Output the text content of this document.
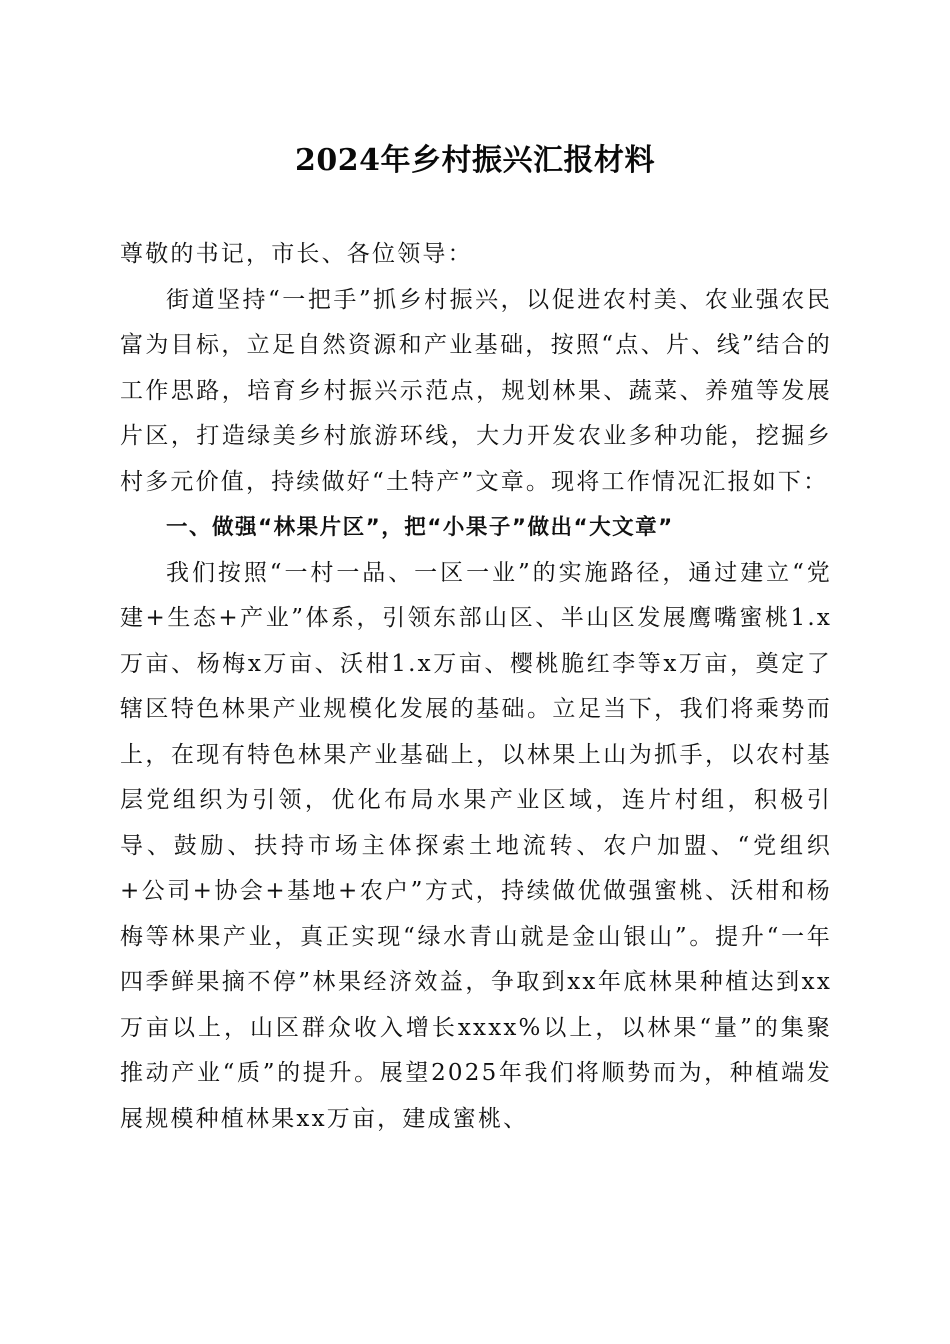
2024年乡村振兴汇报材料

尊敬的书记，市长、各位领导：

街道坚持“一把手”抓乡村振兴，以促进农村美、农业强农民富为目标，立足自然资源和产业基础，按照“点、片、线”结合的工作思路，培育乡村振兴示范点，规划林果、蔬菜、养殖等发展片区，打造绿美乡村旅游环线，大力开发农业多种功能，挖掘乡村多元价值，持续做好“土特产”文章。现将工作情况汇报如下：

一、做强“林果片区”，把“小果子”做出“大文章”

我们按照“一村一品、一区一业”的实施路径，通过建立“党建+生态+产业”体系，引领东部山区、半山区发展鹰嘴蜜桃1.x万亩、杨梅x万亩、沃柑1.x万亩、樱桃脆红李等x万亩，奠定了辖区特色林果产业规模化发展的基础。立足当下，我们将乘势而上，在现有特色林果产业基础上，以林果上山为抓手，以农村基层党组织为引领，优化布局水果产业区域，连片村组，积极引导、鼓励、扶持市场主体探索土地流转、农户加盟、“党组织+公司+协会+基地+农户”方式，持续做优做强蜜桃、沃柑和杨梅等林果产业，真正实现“绿水青山就是金山银山”。提升“一年四季鲜果摘不停”林果经济效益，争取到xx年底林果种植达到xx万亩以上，山区群众收入增长xxxx%以上，以林果“量”的集聚推动产业“质”的提升。展望2025年我们将顺势而为，种植端发展规模种植林果xx万亩，建成蜜桃、
